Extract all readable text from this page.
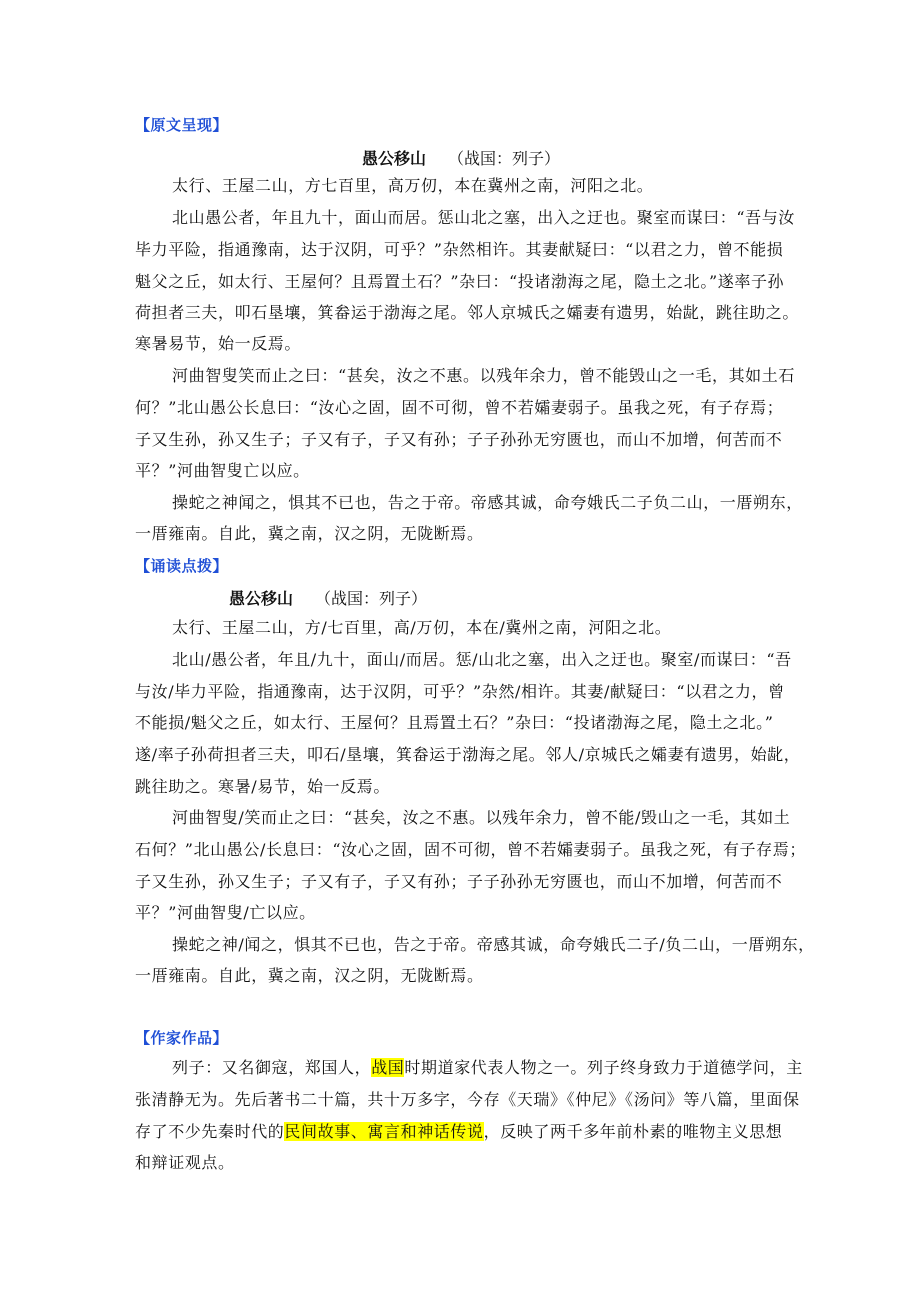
【原文呈现】
愚公移山 （战国：列子）
太行、王屋二山，方七百里，高万仞，本在冀州之南，河阳之北。
北山愚公者，年且九十，面山而居。惩山北之塞，出入之迂也。聚室而谋曰：“吾与汝
毕力平险，指通豫南，达于汉阴，可乎？”杂然相许。其妻献疑曰：“以君之力，曾不能损
魁父之丘，如太行、王屋何？且焉置土石？”杂曰：“投诸渤海之尾，隐土之北。”遂率子孙
荷担者三夫，叩石垦壤，箕畚运于渤海之尾。邻人京城氏之孀妻有遗男，始龀，跳往助之。
寒暑易节，始一反焉。
河曲智叟笑而止之曰：“甚矣，汝之不惠。以残年余力，曾不能毁山之一毛，其如土石
何？”北山愚公长息曰：“汝心之固，固不可彻，曾不若孀妻弱子。虽我之死，有子存焉；
子又生孙，孙又生子；子又有子，子又有孙；子子孙孙无穷匮也，而山不加增，何苦而不
平？”河曲智叟亡以应。
操蛇之神闻之，惧其不已也，告之于帝。帝感其诚，命夸娥氏二子负二山，一厝朔东，
一厝雍南。自此，冀之南，汉之阴，无陇断焉。
【诵读点拨】
愚公移山 （战国：列子）
太行、王屋二山，方/七百里，高/万仞，本在/冀州之南，河阳之北。
北山/愚公者，年且/九十，面山/而居。惩/山北之塞，出入之迂也。聚室/而谋曰：“吾
与汝/毕力平险，指通豫南，达于汉阴，可乎？”杂然/相许。其妻/献疑曰：“以君之力，曾
不能损/魁父之丘，如太行、王屋何？且焉置土石？”杂曰：“投诸渤海之尾，隐土之北。”
遂/率子孙荷担者三夫，叩石/垦壤，箕畚运于渤海之尾。邻人/京城氏之孀妻有遗男，始龀，
跳往助之。寒暑/易节，始一反焉。
河曲智叟/笑而止之曰：“甚矣，汝之不惠。以残年余力，曾不能/毁山之一毛，其如土
石何？”北山愚公/长息曰：“汝心之固，固不可彻，曾不若孀妻弱子。虽我之死，有子存焉；
子又生孙，孙又生子；子又有子，子又有孙；子子孙孙无穷匮也，而山不加增，何苦而不
平？”河曲智叟/亡以应。
操蛇之神/闻之，惧其不已也，告之于帝。帝感其诚，命夸娥氏二子/负二山，一厝朔东，
一厝雍南。自此，冀之南，汉之阴，无陇断焉。
【作家作品】
列子：又名御寇，郑国人，战国时期道家代表人物之一。列子终身致力于道德学问，主
张清静无为。先后著书二十篇，共十万多字，今存《天瑞》《仲尼》《汤问》等八篇，里面保
存了不少先秦时代的民间故事、寓言和神话传说，反映了两千多年前朴素的唯物主义思想
和辩证观点。
